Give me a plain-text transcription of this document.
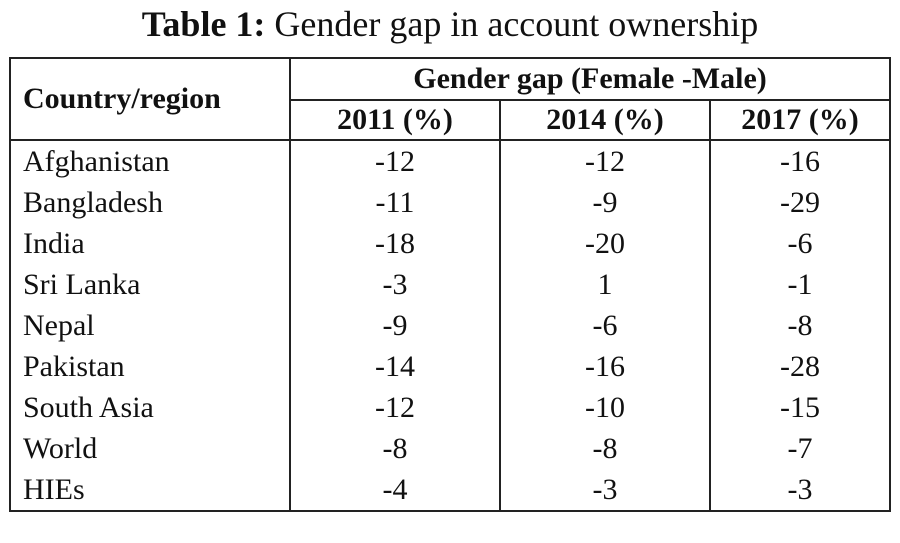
Table 1: Gender gap in account ownership
Country/region	Gender gap (Female -Male)		
	2011 (%)	2014 (%)	2017 (%)
Afghanistan	-12	-12	-16
Bangladesh	-11	-9	-29
India	-18	-20	-6
Sri Lanka	-3	1	-1
Nepal	-9	-6	-8
Pakistan	-14	-16	-28
South Asia	-12	-10	-15
World	-8	-8	-7
HIEs	-4	-3	-3
